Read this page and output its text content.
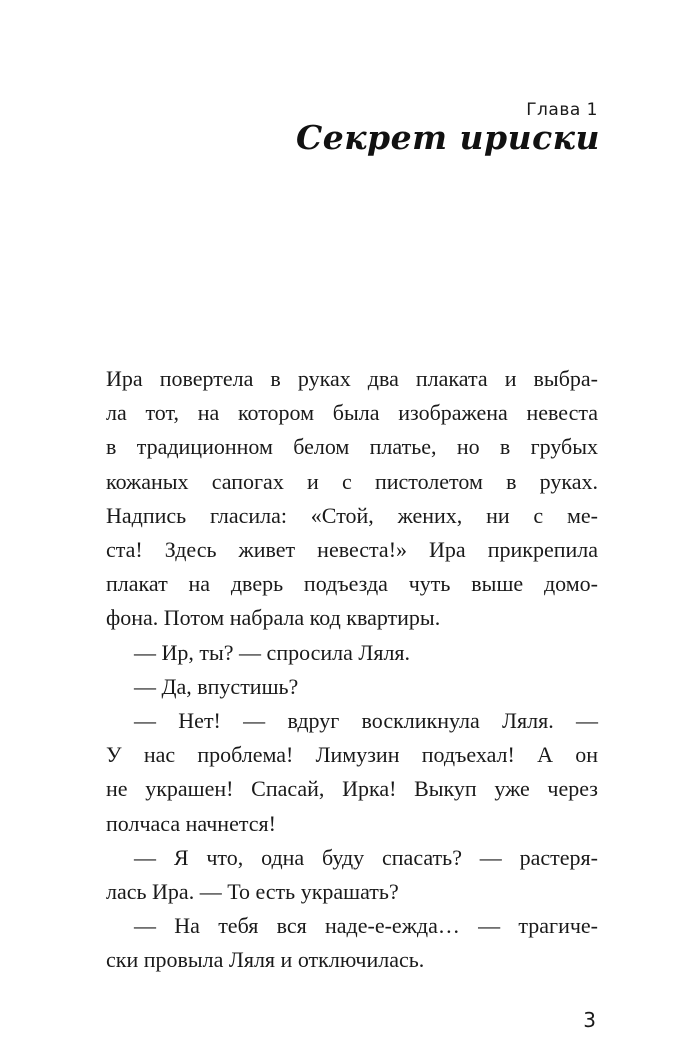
Глава 1
Секрет ириски
Ира повертела в руках два плаката и выбра-
ла тот, на котором была изображена невеста
в традиционном белом платье, но в грубых
кожаных сапогах и с пистолетом в руках.
Надпись гласила: «Стой, жених, ни с ме-
ста! Здесь живет невеста!» Ира прикрепила
плакат на дверь подъезда чуть выше домо-
фона. Потом набрала код квартиры.
— Ир, ты? — спросила Ляля.
— Да, впустишь?
— Нет! — вдруг воскликнула Ляля. —
У нас проблема! Лимузин подъехал! А он
не украшен! Спасай, Ирка! Выкуп уже через
полчаса начнется!
— Я что, одна буду спасать? — растеря-
лась Ира. — То есть украшать?
— На тебя вся наде-е-ежда… — трагиче-
ски провыла Ляля и отключилась.
3
